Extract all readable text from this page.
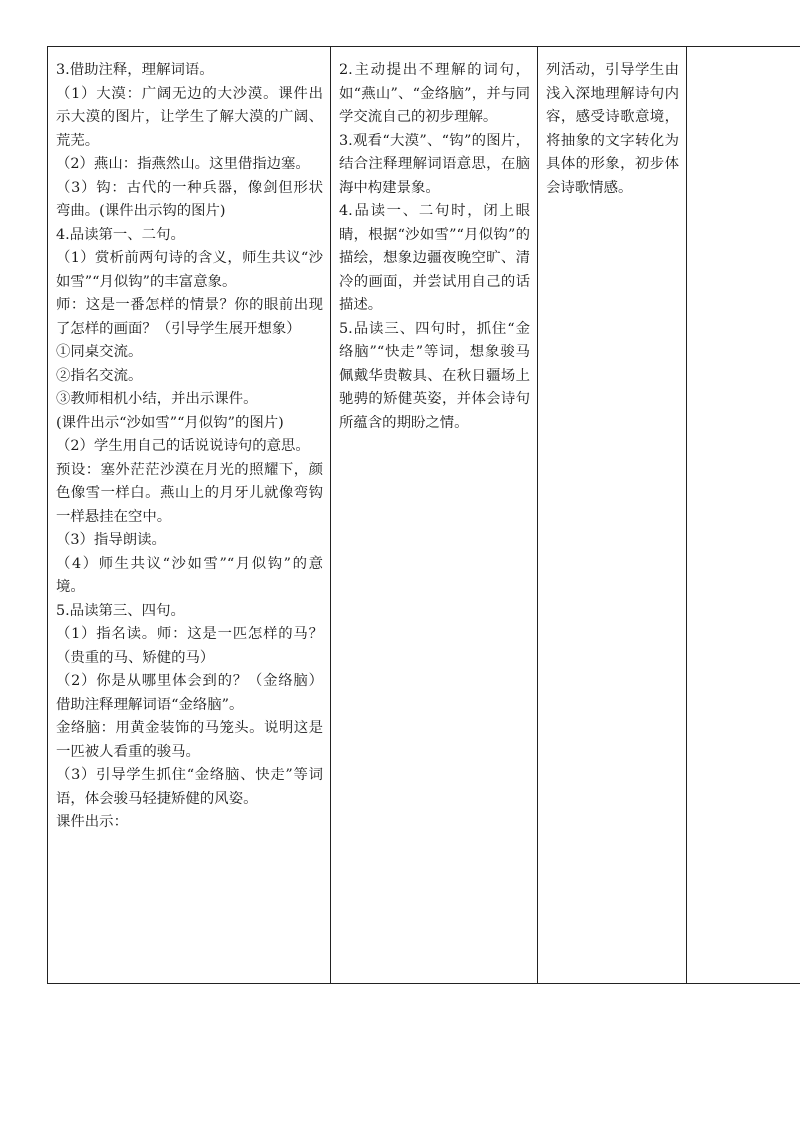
3.借助注释，理解词语。
（1）大漠：广阔无边的大沙漠。课件出示大漠的图片，让学生了解大漠的广阔、荒芜。
（2）燕山：指燕然山。这里借指边塞。
（3）钩：古代的一种兵器，像剑但形状弯曲。(课件出示钩的图片)
4.品读第一、二句。
（1）赏析前两句诗的含义，师生共议“沙如雪”“月似钩”的丰富意象。
师：这是一番怎样的情景？你的眼前出现了怎样的画面？（引导学生展开想象）
①同桌交流。
②指名交流。
③教师相机小结，并出示课件。
(课件出示“沙如雪”“月似钩”的图片)
（2）学生用自己的话说说诗句的意思。
预设：塞外茫茫沙漠在月光的照耀下，颜色像雪一样白。燕山上的月牙儿就像弯钩一样悬挂在空中。
（3）指导朗读。
（4）师生共议“沙如雪”“月似钩”的意境。
5.品读第三、四句。
（1）指名读。师：这是一匹怎样的马？（贵重的马、矫健的马）
（2）你是从哪里体会到的？（金络脑）借助注释理解词语“金络脑”。
金络脑：用黄金装饰的马笼头。说明这是一匹被人看重的骏马。
（3）引导学生抓住“金络脑、快走”等词语，体会骏马轻捷矫健的风姿。
课件出示：

2.主动提出不理解的词句，如“燕山”、“金络脑”，并与同学交流自己的初步理解。
3.观看“大漠”、“钩”的图片，结合注释理解词语意思，在脑海中构建景象。
4.品读一、二句时，闭上眼睛，根据“沙如雪”“月似钩”的描绘，想象边疆夜晚空旷、清冷的画面，并尝试用自己的话描述。
5.品读三、四句时，抓住“金络脑”“快走”等词，想象骏马佩戴华贵鞍具、在秋日疆场上驰骋的矫健英姿，并体会诗句所蕴含的期盼之情。

列活动，引导学生由浅入深地理解诗句内容，感受诗歌意境，将抽象的文字转化为具体的形象，初步体会诗歌情感。
